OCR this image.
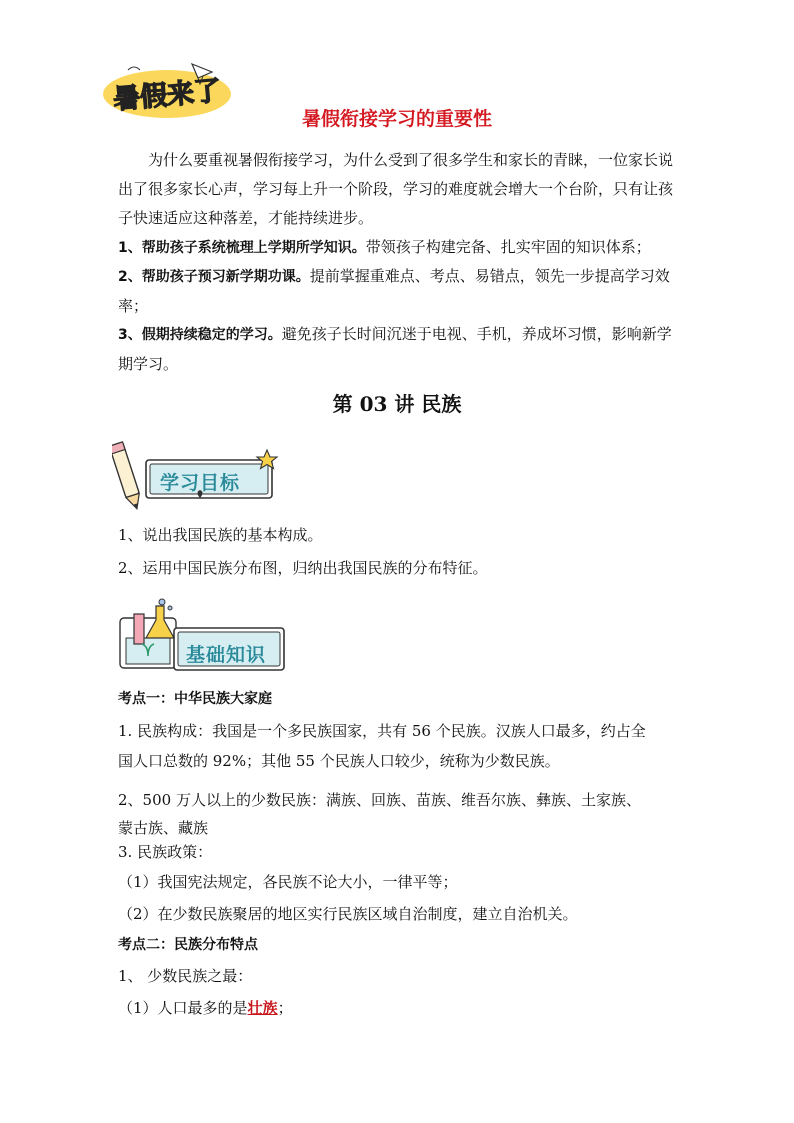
暑假来了
暑假衔接学习的重要性

为什么要重视暑假衔接学习，为什么受到了很多学生和家长的青睐，一位家长说出了很多家长心声，学习每上升一个阶段，学习的难度就会增大一个台阶，只有让孩子快速适应这种落差，才能持续进步。

1、帮助孩子系统梳理上学期所学知识。带领孩子构建完备、扎实牢固的知识体系；

2、帮助孩子预习新学期功课。提前掌握重难点、考点、易错点，领先一步提高学习效率；

3、假期持续稳定的学习。避免孩子长时间沉迷于电视、手机，养成坏习惯，影响新学期学习。

第 03 讲 民族
学习目标

1、说出我国民族的基本构成。

2、运用中国民族分布图，归纳出我国民族的分布特征。

基础知识

考点一：中华民族大家庭

1. 民族构成：我国是一个多民族国家，共有 56 个民族。汉族人口最多，约占全

国人口总数的 92%；其他 55 个民族人口较少，统称为少数民族。

2、500 万人以上的少数民族：满族、回族、苗族、维吾尔族、彝族、土家族、

蒙古族、藏族

3. 民族政策：

（1）我国宪法规定，各民族不论大小，一律平等；

（2）在少数民族聚居的地区实行民族区域自治制度，建立自治机关。

考点二：民族分布特点

1、 少数民族之最：

（1）人口最多的是壮族；
